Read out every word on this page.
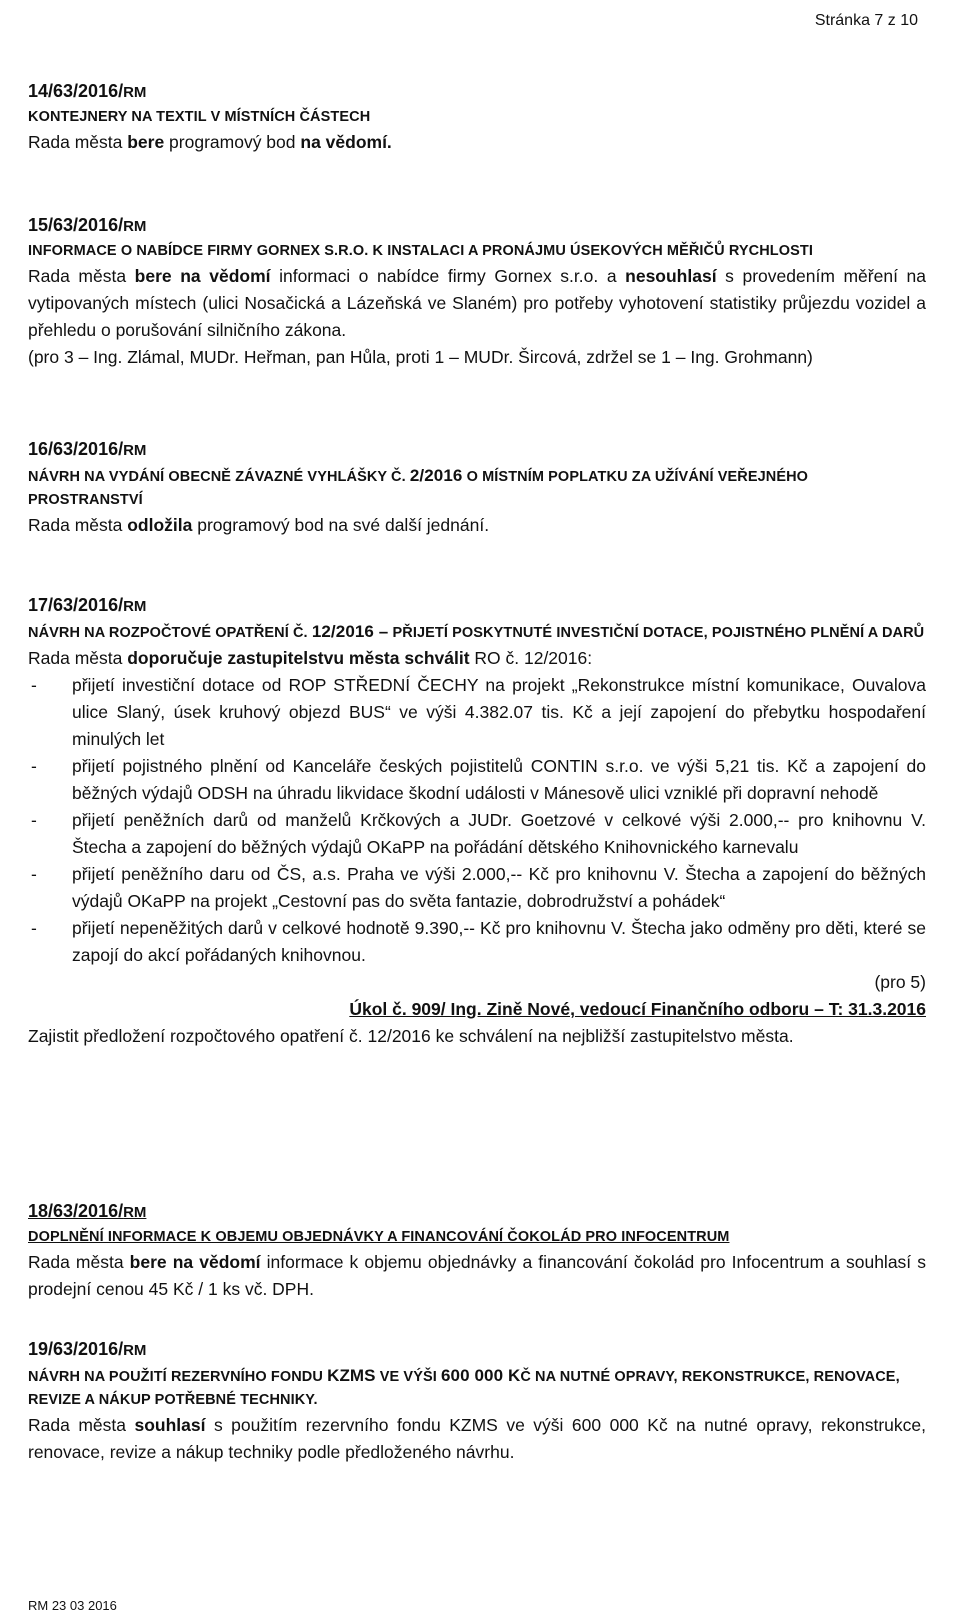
Stránka 7 z 10
14/63/2016/RM
KONTEJNERY NA TEXTIL V MÍSTNÍCH ČÁSTECH
Rada města bere programový bod na vědomí.
15/63/2016/RM
INFORMACE O NABÍDCE FIRMY GORNEX S.R.O. K INSTALACI A PRONÁJMU ÚSEKOVÝCH MĚŘIČŮ RYCHLOSTI
Rada města bere na vědomí informaci o nabídce firmy Gornex s.r.o. a nesouhlasí s provedením měření na vytipovaných místech (ulici Nosačická a Lázeňská ve Slaném) pro potřeby vyhotovení statistiky průjezdu vozidel a přehledu o porušování silničního zákona.
(pro 3 – Ing. Zlámal, MUDr. Heřman, pan Hůla, proti 1 – MUDr. Šircová, zdržel se 1 – Ing. Grohmann)
16/63/2016/RM
NÁVRH NA VYDÁNÍ OBECNĚ ZÁVAZNÉ VYHLÁŠKY Č. 2/2016 O MÍSTNÍM POPLATKU ZA UŽÍVÁNÍ VEŘEJNÉHO PROSTRANSTVÍ
Rada města odložila programový bod na své další jednání.
17/63/2016/RM
NÁVRH NA ROZPOČTOVÉ OPATŘENÍ Č. 12/2016 – PŘIJETÍ POSKYTNUTÉ INVESTIČNÍ DOTACE, POJISTNÉHO PLNĚNÍ A DARŮ
Rada města doporučuje zastupitelstvu města schválit RO č. 12/2016:
- přijetí investiční dotace od ROP STŘEDNÍ ČECHY na projekt „Rekonstrukce místní komunikace, Ouvalova ulice Slaný, úsek kruhový objezd BUS“ ve výši 4.382.07 tis. Kč a její zapojení do přebytku hospodaření minulých let
- přijetí pojistného plnění od Kanceláře českých pojistitelů CONTIN s.r.o. ve výši 5,21 tis. Kč a zapojení do běžných výdajů ODSH na úhradu likvidace škodní události v Mánesově ulici vzniklé při dopravní nehodě
- přijetí peněžních darů od manželů Krčkových a JUDr. Goetzové v celkové výši 2.000,-- pro knihovnu V. Štecha a zapojení do běžných výdajů OKaPP na pořádání dětského Knihovnického karnevalu
- přijetí peněžního daru od ČS, a.s. Praha ve výši 2.000,-- Kč pro knihovnu V. Štecha a zapojení do běžných výdajů OKaPP na projekt „Cestovní pas do světa fantazie, dobrodružství a pohádek“
- přijetí nepeněžitých darů v celkové hodnotě 9.390,-- Kč pro knihovnu V. Štecha jako odměny pro děti, které se zapojí do akcí pořádaných knihovnou.
(pro 5)
Úkol č. 909/ Ing. Zině Nové, vedoucí Finančního odboru – T: 31.3.2016
Zajistit předložení rozpočtového opatření č. 12/2016 ke schválení na nejbližší zastupitelstvo města.
18/63/2016/RM
DOPLNĚNÍ INFORMACE K OBJEMU OBJEDNÁVKY A FINANCOVÁNÍ ČOKOLÁD PRO INFOCENTRUM
Rada města bere na vědomí informace k objemu objednávky a financování čokolád pro Infocentrum a souhlasí s prodejní cenou 45 Kč / 1 ks vč. DPH.
19/63/2016/RM
NÁVRH NA POUŽITÍ REZERVNÍHO FONDU KZMS VE VÝŠI 600 000 KČ NA NUTNÉ OPRAVY, REKONSTRUKCE, RENOVACE, REVIZE A NÁKUP POTŘEBNÉ TECHNIKY.
Rada města souhlasí s použitím rezervního fondu KZMS ve výši 600 000 Kč na nutné opravy, rekonstrukce, renovace, revize a nákup techniky podle předloženého návrhu.
RM 23 03 2016
